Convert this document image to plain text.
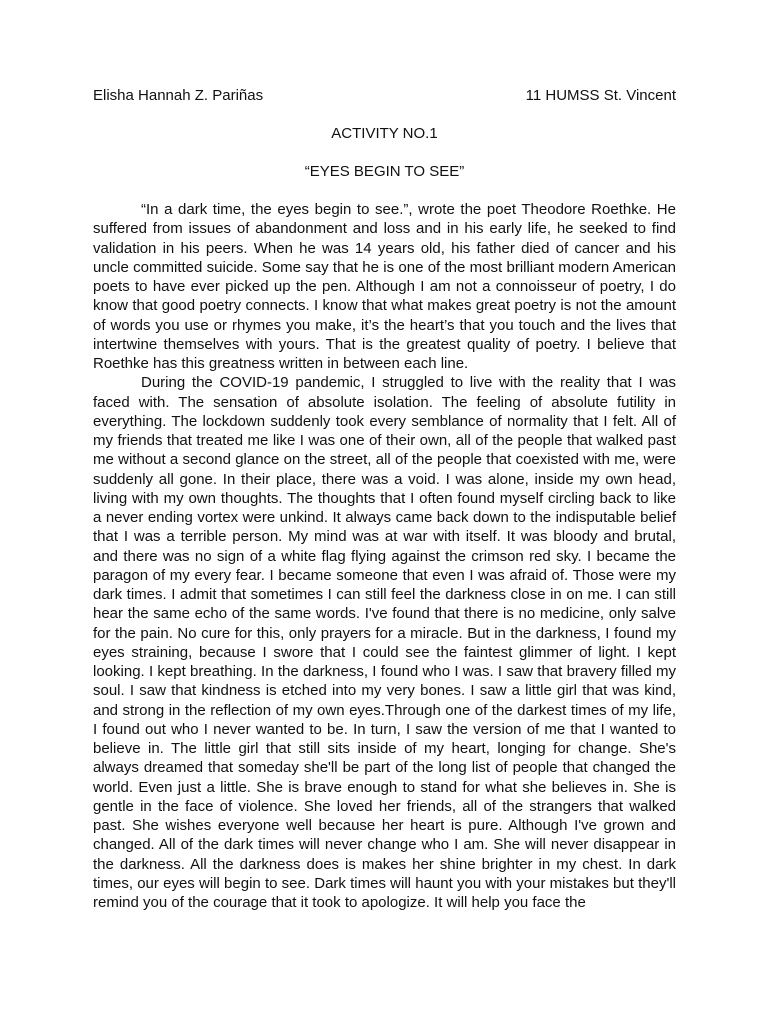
Elisha Hannah Z. Pariñas	11 HUMSS St. Vincent
ACTIVITY NO.1
“EYES BEGIN TO SEE”

“In a dark time, the eyes begin to see.”, wrote the poet Theodore Roethke. He suffered from issues of abandonment and loss and in his early life, he seeked to find validation in his peers. When he was 14 years old, his father died of cancer and his uncle committed suicide. Some say that he is one of the most brilliant modern American poets to have ever picked up the pen. Although I am not a connoisseur of poetry, I do know that good poetry connects. I know that what makes great poetry is not the amount of words you use or rhymes you make, it’s the heart’s that you touch and the lives that intertwine themselves with yours. That is the greatest quality of poetry. I believe that Roethke has this greatness written in between each line.

During the COVID-19 pandemic, I struggled to live with the reality that I was faced with. The sensation of absolute isolation. The feeling of absolute futility in everything. The lockdown suddenly took every semblance of normality that I felt. All of my friends that treated me like I was one of their own, all of the people that walked past me without a second glance on the street, all of the people that coexisted with me, were suddenly all gone. In their place, there was a void. I was alone, inside my own head, living with my own thoughts. The thoughts that I often found myself circling back to like a never ending vortex were unkind. It always came back down to the indisputable belief that I was a terrible person. My mind was at war with itself. It was bloody and brutal, and there was no sign of a white flag flying against the crimson red sky. I became the paragon of my every fear. I became someone that even I was afraid of. Those were my dark times. I admit that sometimes I can still feel the darkness close in on me. I can still hear the same echo of the same words. I've found that there is no medicine, only salve for the pain. No cure for this, only prayers for a miracle. But in the darkness, I found my eyes straining, because I swore that I could see the faintest glimmer of light. I kept looking. I kept breathing. In the darkness, I found who I was. I saw that bravery filled my soul. I saw that kindness is etched into my very bones. I saw a little girl that was kind, and strong in the reflection of my own eyes.Through one of the darkest times of my life, I found out who I never wanted to be. In turn, I saw the version of me that I wanted to believe in. The little girl that still sits inside of my heart, longing for change. She's always dreamed that someday she'll be part of the long list of people that changed the world. Even just a little. She is brave enough to stand for what she believes in. She is gentle in the face of violence. She loved her friends, all of the strangers that walked past. She wishes everyone well because her heart is pure. Although I've grown and changed. All of the dark times will never change who I am. She will never disappear in the darkness. All the darkness does is makes her shine brighter in my chest. In dark times, our eyes will begin to see. Dark times will haunt you with your mistakes but they'll remind you of the courage that it took to apologize. It will help you face the
